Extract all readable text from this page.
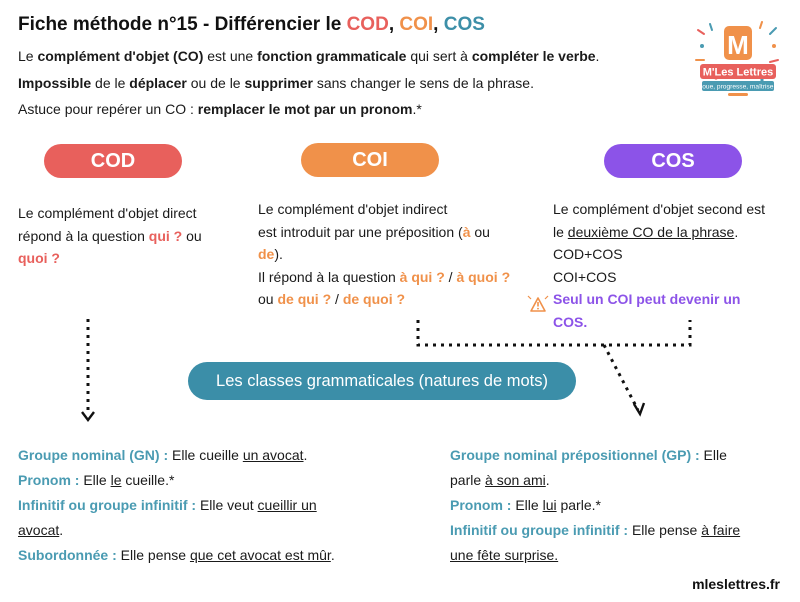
Fiche méthode n°15 - Différencier le COD, COI, COS
Le complément d'objet (CO) est une fonction grammaticale qui sert à compléter le verbe.
Impossible de le déplacer ou de le supprimer sans changer le sens de la phrase.
Astuce pour repérer un CO : remplacer le mot par un pronom.*
M
M'Les Lettres
Joue, progresse, maîtrise !
COD	COI	COS
Le complément d'objet direct
répond à la question qui ? ou
quoi ?
Le complément d'objet indirect
est introduit par une préposition (à ou
de).
Il répond à la question à qui ? / à quoi ?
ou de qui ? / de quoi ?
Le complément d'objet second est
le deuxième CO de la phrase.
COD+COS
COI+COS
Seul un COI peut devenir un
COS.
Les classes grammaticales (natures de mots)
Groupe nominal (GN) : Elle cueille un avocat.
Pronom : Elle le cueille.*
Infinitif ou groupe infinitif : Elle veut cueillir un
avocat.
Subordonnée : Elle pense que cet avocat est mûr.
Groupe nominal prépositionnel (GP) : Elle
parle à son ami.
Pronom : Elle lui parle.*
Infinitif ou groupe infinitif : Elle pense à faire
une fête surprise.
mleslettres.fr
